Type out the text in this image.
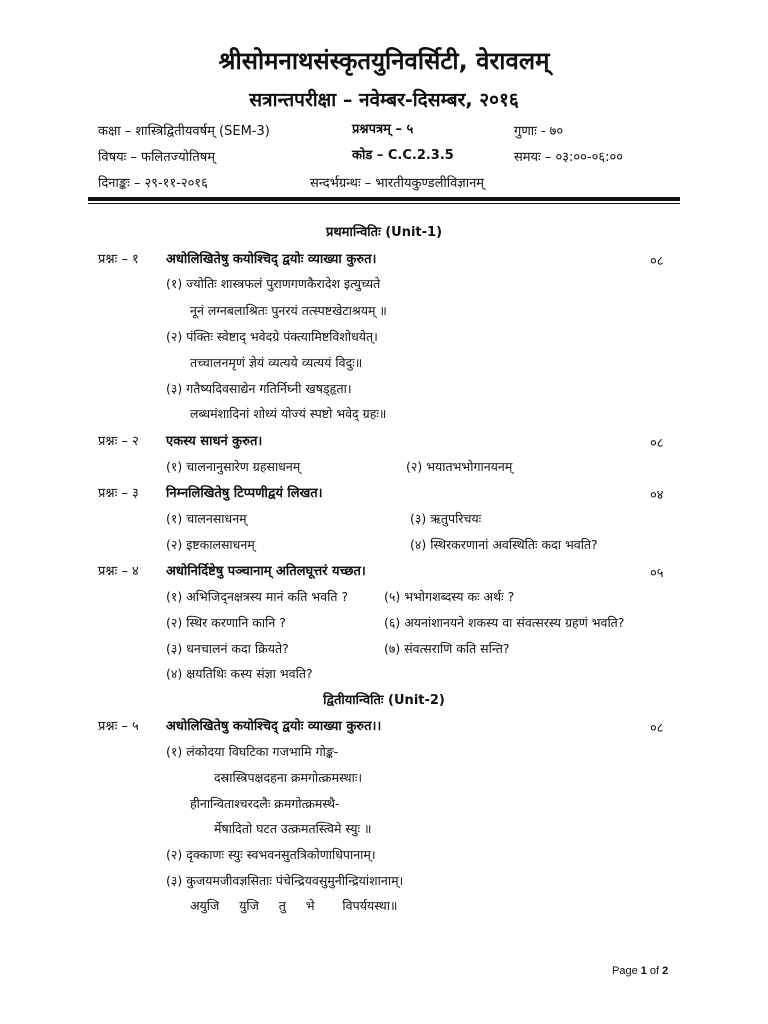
श्रीसोमनाथसंस्कृतयुनिवर्सिटी, वेरावलम्
सत्रान्तपरीक्षा – नवेम्बर-दिसम्बर, २०१६
कक्षा – शास्त्रिद्वितीयवर्षम् (SEM-3)	प्रश्नपत्रम् – ५	गुणाः - ७०
विषयः – फलितज्योतिषम्	कोड – C.C.2.3.5	समयः – ०३:००-०६:००
दिनाङ्कः – २९-११-२०१६	सन्दर्भग्रन्थः – भारतीयकुण्डलीविज्ञानम्
प्रथमान्वितिः (Unit-1)
प्रश्नः – १ अधोलिखितेषु कयोश्चिद् द्वयोः व्याख्या कुरुत।	०८
(१) ज्योतिः शास्त्रफलं पुराणगणकैरादेश इत्युच्यते
नूनं लग्नबलाश्रितः पुनरयं तत्स्पष्टखेटाश्रयम् ॥
(२) पंक्तिः स्वेष्टाद् भवेदग्रे पंक्त्यामिष्टविशोधयेत्।
तच्चालनमृणं ज्ञेयं व्यत्यये व्यत्ययं विदुः॥
(३) गतैष्यदिवसाद्येन गतिर्निघ्नी खषड्हृता।
लब्धमंशादिनां शोध्यं योज्यं स्पष्टो भवेद् ग्रहः॥
प्रश्नः – २ एकस्य साधनं कुरुत।	०८
(१) चालनानुसारेण ग्रहसाधनम्	(२) भयातभभोगानयनम्
प्रश्नः – ३ निम्नलिखितेषु टिप्पणीद्वयं लिखत।	०४
(१) चालनसाधनम्	(३) ऋतुपरिचयः
(२) इष्टकालसाधनम्	(४) स्थिरकरणानां अवस्थितिः कदा भवति?
प्रश्नः – ४ अधोनिर्दिष्टेषु पञ्चानाम् अतिलघूत्तरं यच्छत।	०५
(१) अभिजिद्नक्षत्रस्य मानं कति भवति ?	(५) भभोगशब्दस्य कः अर्थः ?
(२) स्थिर करणानि कानि ?	(६) अयनांशानयने शकस्य वा संवत्सरस्य ग्रहणं भवति?
(३) धनचालनं कदा क्रियते?	(७) संवत्सराणि कति सन्ति?
(४) क्षयतिथिः कस्य संज्ञा भवति?
द्वितीयान्वितिः (Unit-2)
प्रश्नः – ५ अधोलिखितेषु कयोश्चिद् द्वयोः व्याख्या कुरुत।।	०८
(१) लंकोदया विघटिका गजभामि गोङ्क-
दस्रास्त्रिपक्षदहना क्रमगोत्क्रमस्थाः।
हीनान्विताश्चरदलैः क्रमगोत्क्रमस्थै-
र्मेषादितो घटत उत्क्रमतस्त्विमे स्युः ॥
(२) दृक्काणः स्युः स्वभवनसुतत्रिकोणाधिपानाम्।
(३) कुजयमजीवज्ञसिताः पंचेन्द्रियवसुमुनीन्द्रियांशानाम्।
अयुजि     युजि     तु     भे       विपर्ययस्था॥
Page 1 of 2
